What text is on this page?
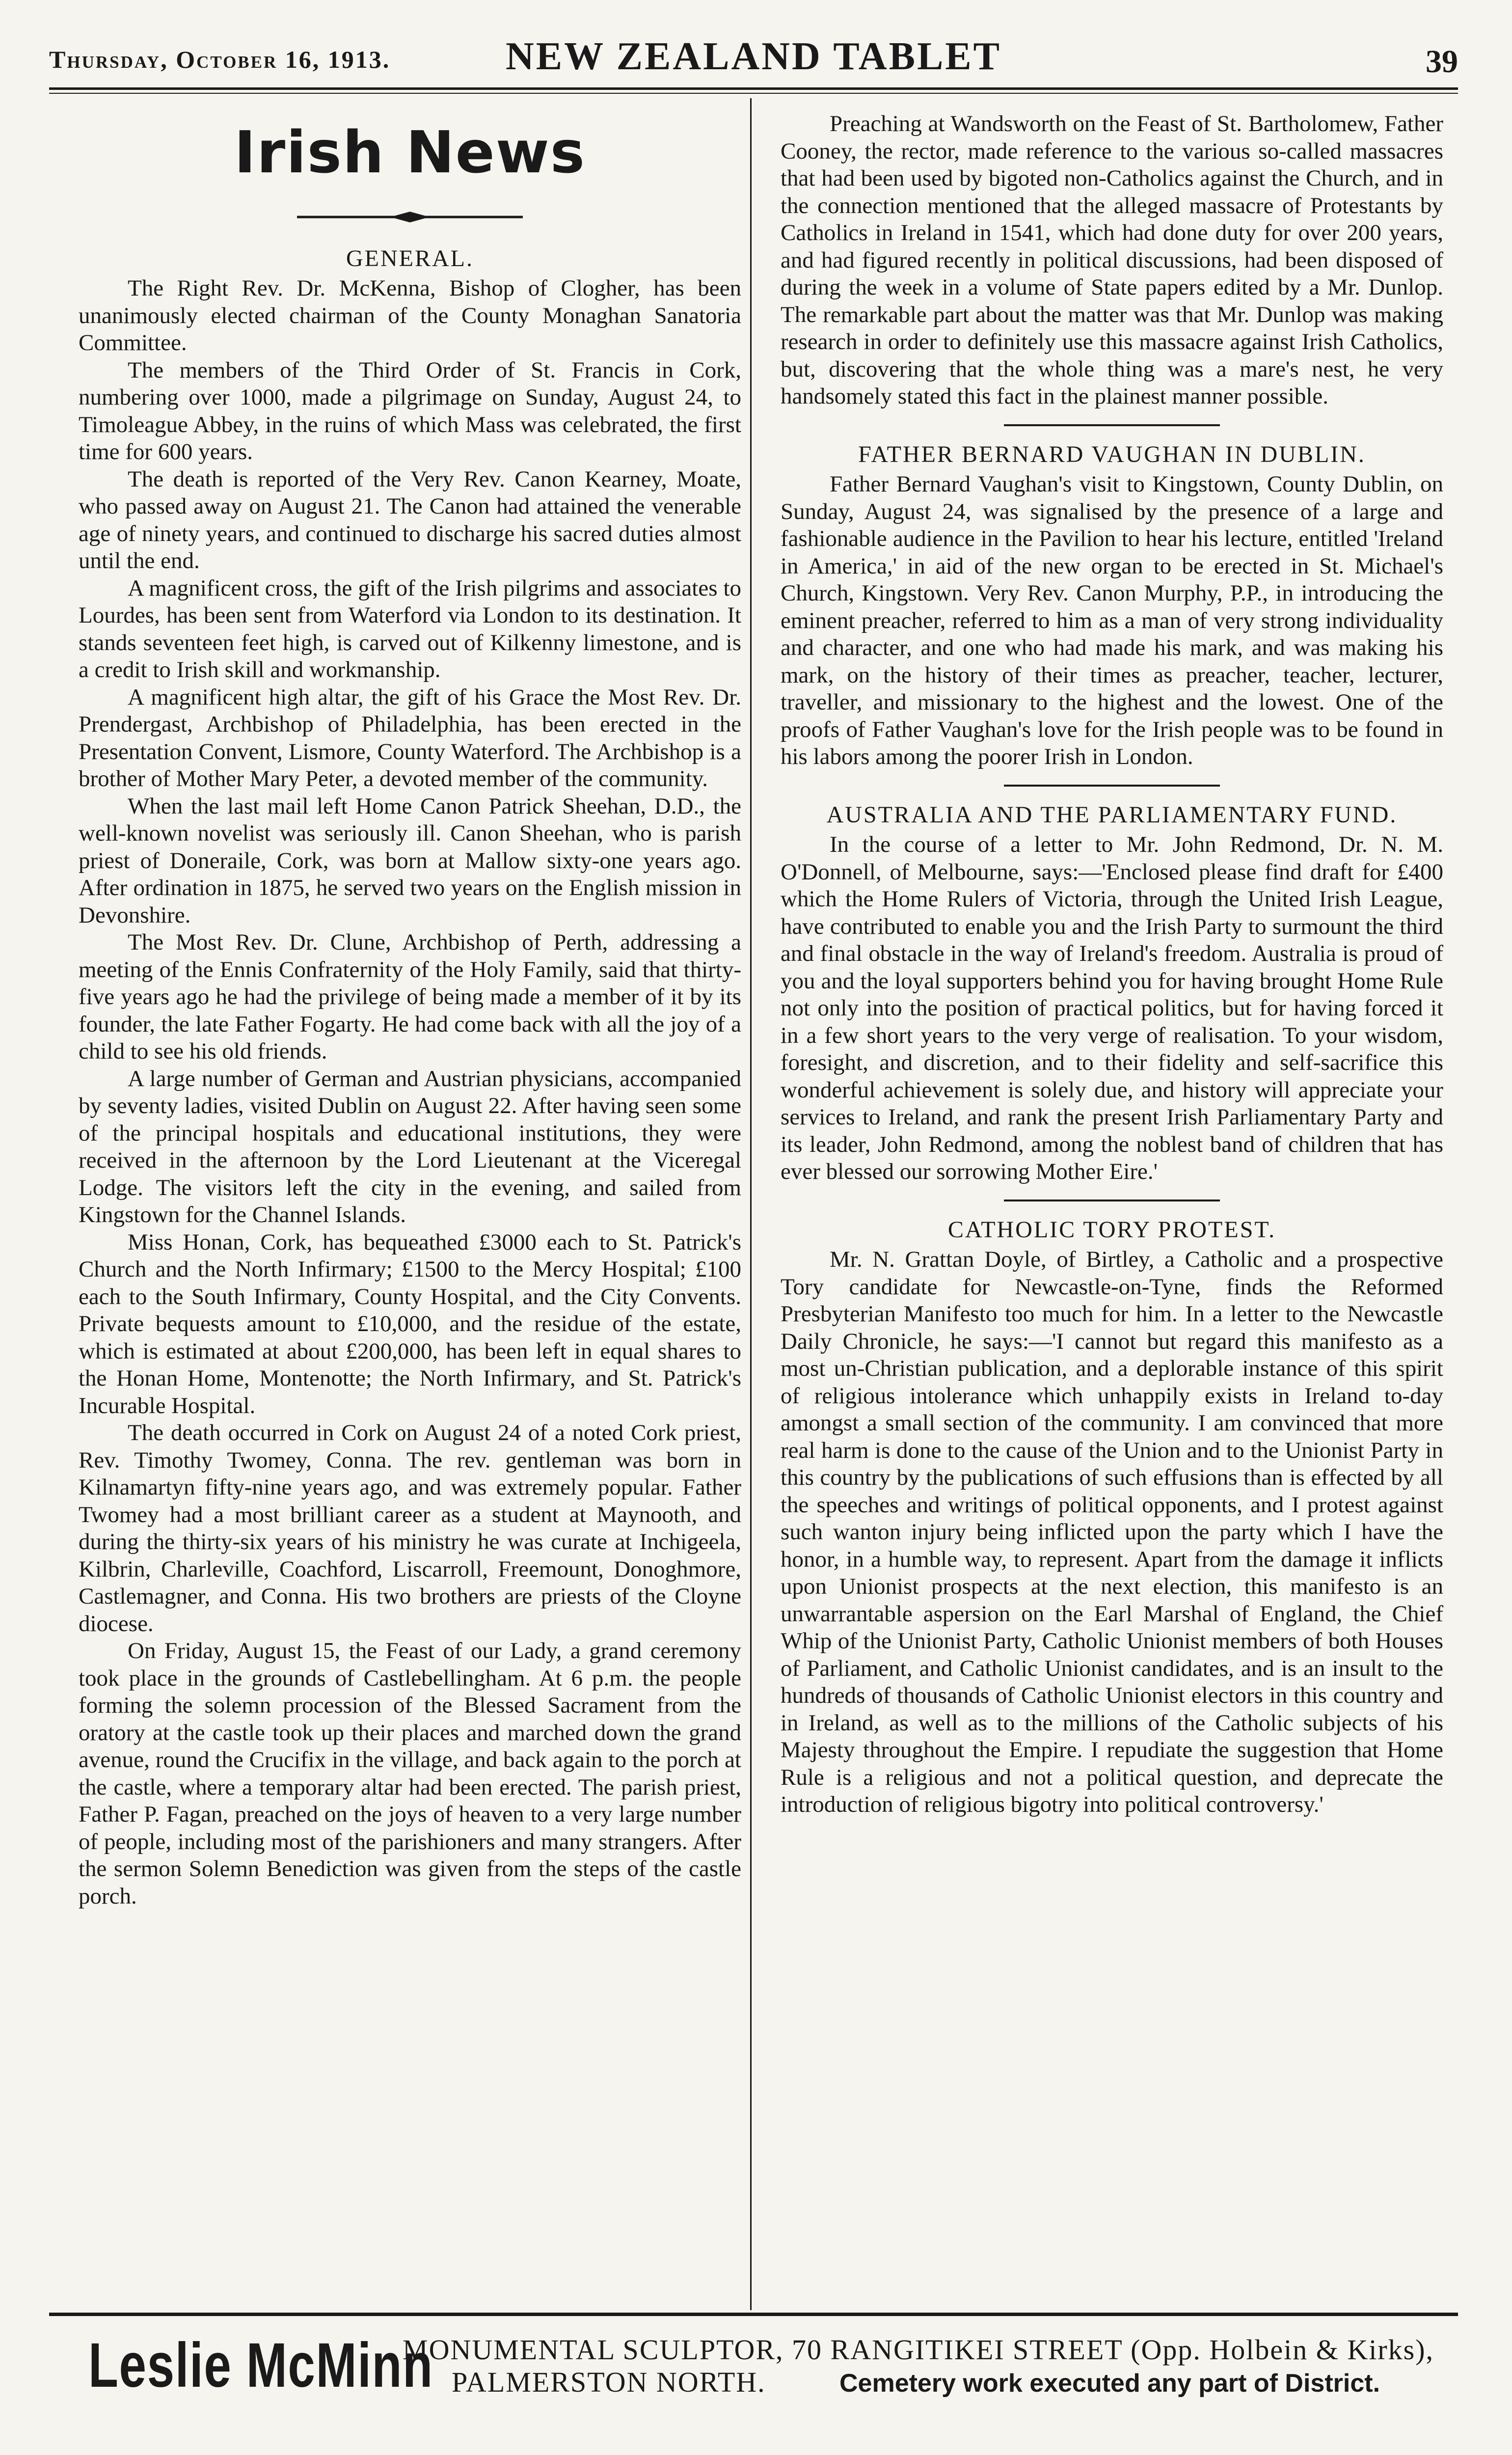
Thursday, October 16, 1913.	NEW ZEALAND TABLET	39
Irish News
GENERAL.

The Right Rev. Dr. McKenna, Bishop of Clogher, has been unanimously elected chairman of the County Monaghan Sanatoria Committee.

The members of the Third Order of St. Francis in Cork, numbering over 1000, made a pilgrimage on Sunday, August 24, to Timoleague Abbey, in the ruins of which Mass was celebrated, the first time for 600 years.

The death is reported of the Very Rev. Canon Kearney, Moate, who passed away on August 21. The Canon had attained the venerable age of ninety years, and continued to discharge his sacred duties almost until the end.

A magnificent cross, the gift of the Irish pilgrims and associates to Lourdes, has been sent from Waterford via London to its destination. It stands seventeen feet high, is carved out of Kilkenny limestone, and is a credit to Irish skill and workmanship.

A magnificent high altar, the gift of his Grace the Most Rev. Dr. Prendergast, Archbishop of Philadelphia, has been erected in the Presentation Convent, Lismore, County Waterford. The Archbishop is a brother of Mother Mary Peter, a devoted member of the community.

When the last mail left Home Canon Patrick Sheehan, D.D., the well-known novelist was seriously ill. Canon Sheehan, who is parish priest of Doneraile, Cork, was born at Mallow sixty-one years ago. After ordination in 1875, he served two years on the English mission in Devonshire.

The Most Rev. Dr. Clune, Archbishop of Perth, addressing a meeting of the Ennis Confraternity of the Holy Family, said that thirty-five years ago he had the privilege of being made a member of it by its founder, the late Father Fogarty. He had come back with all the joy of a child to see his old friends.

A large number of German and Austrian physicians, accompanied by seventy ladies, visited Dublin on August 22. After having seen some of the principal hospitals and educational institutions, they were received in the afternoon by the Lord Lieutenant at the Viceregal Lodge. The visitors left the city in the evening, and sailed from Kingstown for the Channel Islands.

Miss Honan, Cork, has bequeathed £3000 each to St. Patrick's Church and the North Infirmary; £1500 to the Mercy Hospital; £100 each to the South Infirmary, County Hospital, and the City Convents. Private bequests amount to £10,000, and the residue of the estate, which is estimated at about £200,000, has been left in equal shares to the Honan Home, Montenotte; the North Infirmary, and St. Patrick's Incurable Hospital.

The death occurred in Cork on August 24 of a noted Cork priest, Rev. Timothy Twomey, Conna. The rev. gentleman was born in Kilnamartyn fifty-nine years ago, and was extremely popular. Father Twomey had a most brilliant career as a student at Maynooth, and during the thirty-six years of his ministry he was curate at Inchigeela, Kilbrin, Charleville, Coachford, Liscarroll, Freemount, Donoghmore, Castlemagner, and Conna. His two brothers are priests of the Cloyne diocese.

On Friday, August 15, the Feast of our Lady, a grand ceremony took place in the grounds of Castlebellingham. At 6 p.m. the people forming the solemn procession of the Blessed Sacrament from the oratory at the castle took up their places and marched down the grand avenue, round the Crucifix in the village, and back again to the porch at the castle, where a temporary altar had been erected. The parish priest, Father P. Fagan, preached on the joys of heaven to a very large number of people, including most of the parishioners and many strangers. After the sermon Solemn Benediction was given from the steps of the castle porch.

Preaching at Wandsworth on the Feast of St. Bartholomew, Father Cooney, the rector, made reference to the various so-called massacres that had been used by bigoted non-Catholics against the Church, and in the connection mentioned that the alleged massacre of Protestants by Catholics in Ireland in 1541, which had done duty for over 200 years, and had figured recently in political discussions, had been disposed of during the week in a volume of State papers edited by a Mr. Dunlop. The remarkable part about the matter was that Mr. Dunlop was making research in order to definitely use this massacre against Irish Catholics, but, discovering that the whole thing was a mare's nest, he very handsomely stated this fact in the plainest manner possible.

FATHER BERNARD VAUGHAN IN DUBLIN.

Father Bernard Vaughan's visit to Kingstown, County Dublin, on Sunday, August 24, was signalised by the presence of a large and fashionable audience in the Pavilion to hear his lecture, entitled 'Ireland in America,' in aid of the new organ to be erected in St. Michael's Church, Kingstown. Very Rev. Canon Murphy, P.P., in introducing the eminent preacher, referred to him as a man of very strong individuality and character, and one who had made his mark, and was making his mark, on the history of their times as preacher, teacher, lecturer, traveller, and missionary to the highest and the lowest. One of the proofs of Father Vaughan's love for the Irish people was to be found in his labors among the poorer Irish in London.

AUSTRALIA AND THE PARLIAMENTARY FUND.

In the course of a letter to Mr. John Redmond, Dr. N. M. O'Donnell, of Melbourne, says:—'Enclosed please find draft for £400 which the Home Rulers of Victoria, through the United Irish League, have contributed to enable you and the Irish Party to surmount the third and final obstacle in the way of Ireland's freedom. Australia is proud of you and the loyal supporters behind you for having brought Home Rule not only into the position of practical politics, but for having forced it in a few short years to the very verge of realisation. To your wisdom, foresight, and discretion, and to their fidelity and self-sacrifice this wonderful achievement is solely due, and history will appreciate your services to Ireland, and rank the present Irish Parliamentary Party and its leader, John Redmond, among the noblest band of children that has ever blessed our sorrowing Mother Eire.'

CATHOLIC TORY PROTEST.

Mr. N. Grattan Doyle, of Birtley, a Catholic and a prospective Tory candidate for Newcastle-on-Tyne, finds the Reformed Presbyterian Manifesto too much for him. In a letter to the Newcastle Daily Chronicle, he says:—'I cannot but regard this manifesto as a most un-Christian publication, and a deplorable instance of this spirit of religious intolerance which unhappily exists in Ireland to-day amongst a small section of the community. I am convinced that more real harm is done to the cause of the Union and to the Unionist Party in this country by the publications of such effusions than is effected by all the speeches and writings of political opponents, and I protest against such wanton injury being inflicted upon the party which I have the honor, in a humble way, to represent. Apart from the damage it inflicts upon Unionist prospects at the next election, this manifesto is an unwarrantable aspersion on the Earl Marshal of England, the Chief Whip of the Unionist Party, Catholic Unionist members of both Houses of Parliament, and Catholic Unionist candidates, and is an insult to the hundreds of thousands of Catholic Unionist electors in this country and in Ireland, as well as to the millions of the Catholic subjects of his Majesty throughout the Empire. I repudiate the suggestion that Home Rule is a religious and not a political question, and deprecate the introduction of religious bigotry into political controversy.'

Leslie McMinn
MONUMENTAL SCULPTOR, 70 RANGITIKEI STREET (Opp. Holbein & Kirks),
PALMERSTON NORTH.	Cemetery work executed any part of District.
